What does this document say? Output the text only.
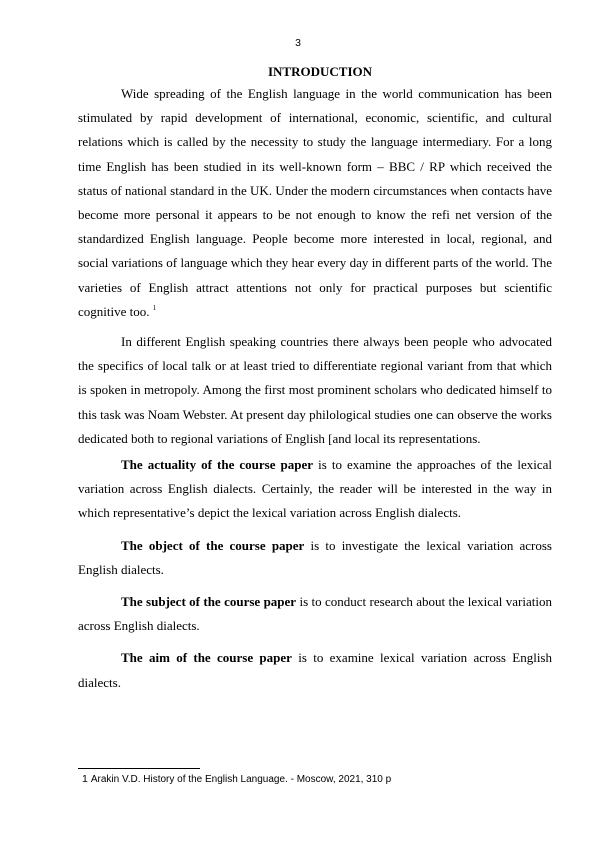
3
INTRODUCTION

Wide spreading of the English language in the world communication has been stimulated by rapid development of international, economic, scientific, and cultural relations which is called by the necessity to study the language intermediary. For a long time English has been studied in its well-known form – BBC / RP which received the status of national standard in the UK. Under the modern circumstances when contacts have become more personal it appears to be not enough to know the refi net version of the standardized English language. People become more interested in local, regional, and social variations of language which they hear every day in different parts of the world. The varieties of English attract attentions not only for practical purposes but scientific cognitive too. $^1$

In different English speaking countries there always been people who advocated the specifics of local talk or at least tried to differentiate regional variant from that which is spoken in metropoly. Among the first most prominent scholars who dedicated himself to this task was Noam Webster. At present day philological studies one can observe the works dedicated both to regional variations of English [and local its representations.

The actuality of the course paper is to examine the approaches of the lexical variation across English dialects. Certainly, the reader will be interested in the way in which representative’s depict the lexical variation across English dialects.

The object of the course paper is to investigate the lexical variation across English dialects.

The subject of the course paper is to conduct research about the lexical variation across English dialects.

The aim of the course paper is to examine lexical variation across English dialects.

1 Arakin V.D. History of the English Language. - Moscow, 2021, 310 p
